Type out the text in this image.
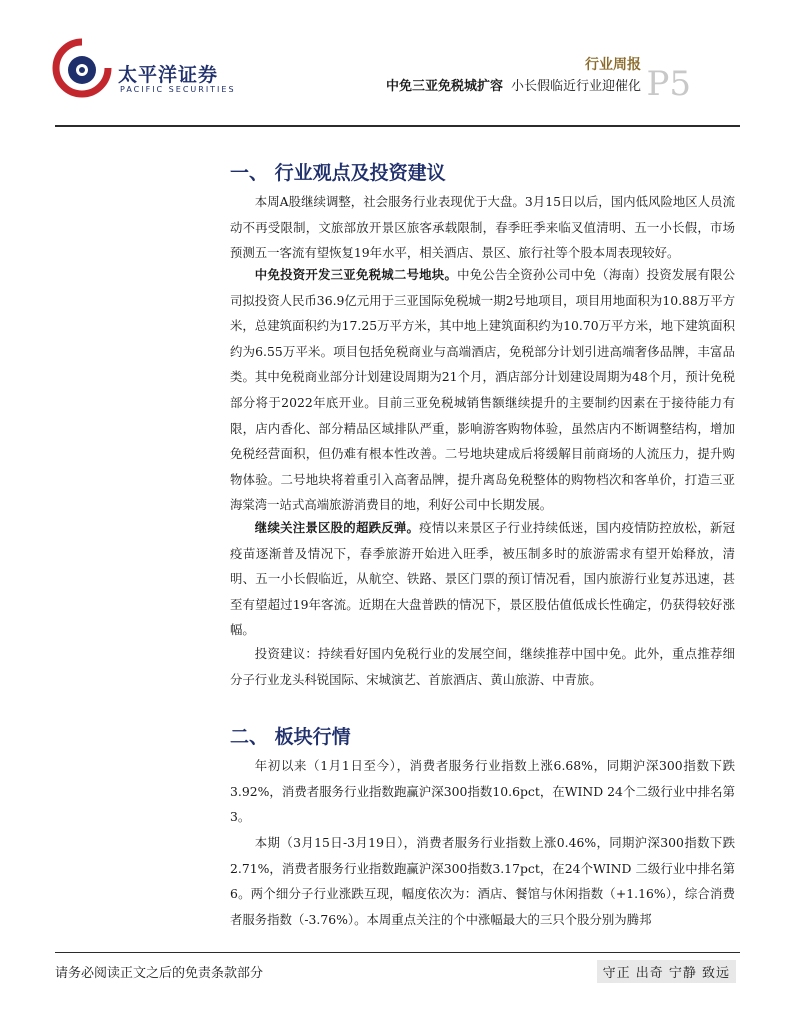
太平洋证券
PACIFIC SECURITIES
行业周报
中免三亚免税城扩容 小长假临近行业迎催化 P5
一、 行业观点及投资建议

本周A股继续调整，社会服务行业表现优于大盘。3月15日以后，国内低风险地区人员流动不再受限制，文旅部放开景区旅客承载限制，春季旺季来临叉值清明、五一小长假，市场预测五一客流有望恢复19年水平，相关酒店、景区、旅行社等个股本周表现较好。

中免投资开发三亚免税城二号地块。中免公告全资孙公司中免（海南）投资发展有限公司拟投资人民币36.9亿元用于三亚国际免税城一期2号地项目，项目用地面积为10.88万平方米，总建筑面积约为17.25万平方米，其中地上建筑面积约为10.70万平方米，地下建筑面积约为6.55万平米。项目包括免税商业与高端酒店，免税部分计划引进高端奢侈品牌，丰富品类。其中免税商业部分计划建设周期为21个月，酒店部分计划建设周期为48个月，预计免税部分将于2022年底开业。目前三亚免税城销售额继续提升的主要制约因素在于接待能力有限，店内香化、部分精品区域排队严重，影响游客购物体验，虽然店内不断调整结构，增加免税经营面积，但仍难有根本性改善。二号地块建成后将缓解目前商场的人流压力，提升购物体验。二号地块将着重引入高奢品牌，提升离岛免税整体的购物档次和客单价，打造三亚海棠湾一站式高端旅游消费目的地，利好公司中长期发展。

继续关注景区股的超跌反弹。疫情以来景区子行业持续低迷，国内疫情防控放松，新冠疫苗逐渐普及情况下，春季旅游开始进入旺季，被压制多时的旅游需求有望开始释放，清明、五一小长假临近，从航空、铁路、景区门票的预订情况看，国内旅游行业复苏迅速，甚至有望超过19年客流。近期在大盘普跌的情况下，景区股估值低成长性确定，仍获得较好涨幅。

投资建议：持续看好国内免税行业的发展空间，继续推荐中国中免。此外，重点推荐细分子行业龙头科锐国际、宋城演艺、首旅酒店、黄山旅游、中青旅。

二、 板块行情

年初以来（1月1日至今），消费者服务行业指数上涨6.68%，同期沪深300指数下跌3.92%，消费者服务行业指数跑赢沪深300指数10.6pct，在WIND 24个二级行业中排名第3。

本期（3月15日-3月19日），消费者服务行业指数上涨0.46%，同期沪深300指数下跌2.71%，消费者服务行业指数跑赢沪深300指数3.17pct，在24个WIND 二级行业中排名第6。两个细分子行业涨跌互现，幅度依次为：酒店、餐馆与休闲指数（+1.16%），综合消费者服务指数（-3.76%）。本周重点关注的个中涨幅最大的三只个股分别为腾邦

请务必阅读正文之后的免责条款部分	守正 出奇 宁静 致远
